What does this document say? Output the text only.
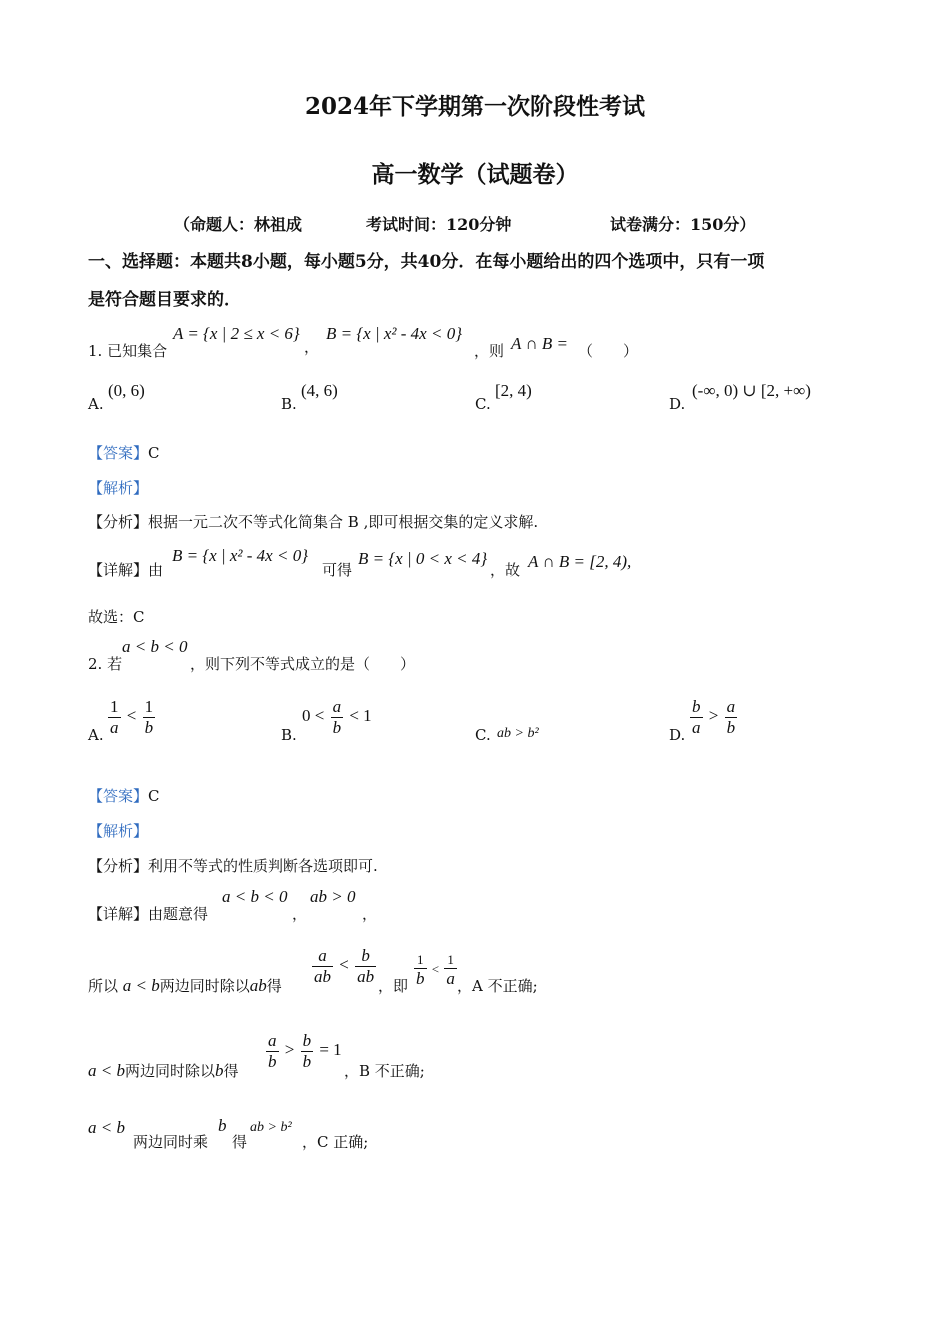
2024年下学期第一次阶段性考试
高一数学（试题卷）
（命题人：林祖成	考试时间：120分钟	试卷满分：150分）
一、选择题：本题共8小题，每小题5分，共40分．在每小题给出的四个选项中，只有一项
是符合题目要求的．
1. 已知集合
A = {x | 2 ≤ x < 6}
，
B = {x | x² - 4x < 0}
，则 A ∩ B = （　　）
A.
(0, 6)
B.
(4, 6)
C.
[2, 4)
D.
(-∞, 0) ∪ [2, +∞)
【答案】C
【解析】
【分析】根据一元二次不等式化简集合 B ,即可根据交集的定义求解.
【详解】由
B = {x | x² - 4x < 0}
可得
B = {x | 0 < x < 4}
，故 A ∩ B = [2, 4),
故选：C
2. 若
a < b < 0
，则下列不等式成立的是（　　）
A. $\frac{1}{a} < \frac{1}{b}$	B.
$0 < \frac{a}{b} < 1$
C. ab > b²	D. $\frac{b}{a} > \frac{a}{b}$
【答案】C
【解析】
【分析】利用不等式的性质判断各选项即可.
【详解】由题意得
a < b < 0
，
ab > 0
，
所以 a < b两边同时除以ab得 $\frac{a}{ab} < \frac{b}{ab}$ ，即 $\frac{1}{b} < \frac{1}{a}$ ，A 不正确;
a < b两边同时除以b得 $\frac{a}{b} > \frac{b}{b} = 1$
，B 不正确;
a < b
两边同时乘
b
得
ab > b²
，C 正确;
